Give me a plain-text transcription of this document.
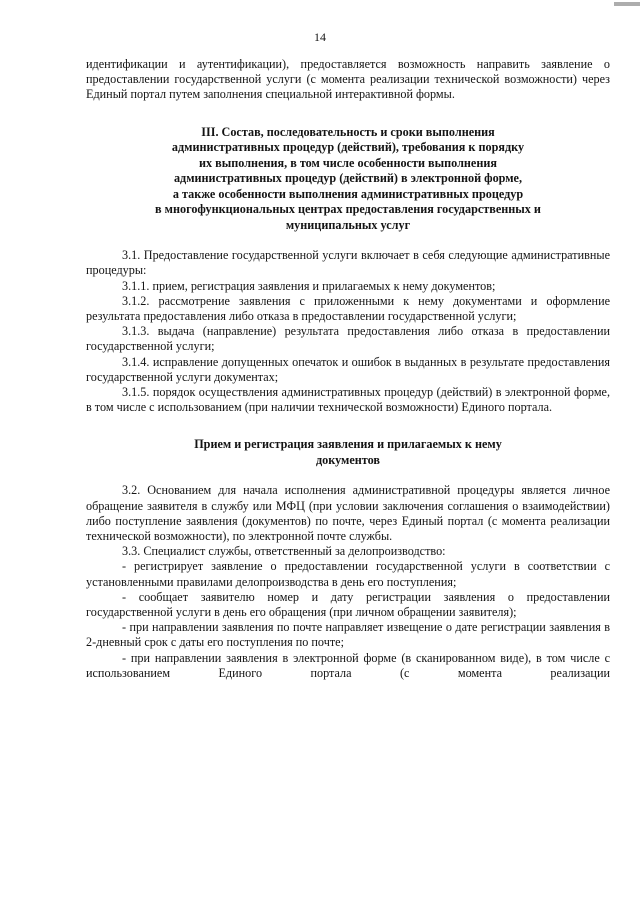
14

идентификации и аутентификации), предоставляется возможность направить заявление о предоставлении государственной услуги (с момента реализации технической возможности) через Единый портал путем заполнения специальной интерактивной формы.

III. Состав, последовательность и сроки выполнения
административных процедур (действий), требования к порядку
их выполнения, в том числе особенности выполнения
административных процедур (действий) в электронной форме,
а также особенности выполнения административных процедур
в многофункциональных центрах предоставления государственных и
муниципальных услуг

3.1. Предоставление государственной услуги включает в себя следующие административные процедуры:

3.1.1. прием, регистрация заявления и прилагаемых к нему документов;

3.1.2. рассмотрение заявления с приложенными к нему документами и оформление результата предоставления либо отказа в предоставлении государственной услуги;

3.1.3. выдача (направление) результата предоставления либо отказа в предоставлении государственной услуги;

3.1.4. исправление допущенных опечаток и ошибок в выданных в результате предоставления государственной услуги документах;

3.1.5. порядок осуществления административных процедур (действий) в электронной форме, в том числе с использованием (при наличии технической возможности) Единого портала.

Прием и регистрация заявления и прилагаемых к нему
документов

3.2. Основанием для начала исполнения административной процедуры является личное обращение заявителя в службу или МФЦ (при условии заключения соглашения о взаимодействии) либо поступление заявления (документов) по почте, через Единый портал (с момента реализации технической возможности), по электронной почте службы.

3.3. Специалист службы, ответственный за делопроизводство:

- регистрирует заявление о предоставлении государственной услуги в соответствии с установленными правилами делопроизводства в день его поступления;

- сообщает заявителю номер и дату регистрации заявления о предоставлении государственной услуги в день его обращения (при личном обращении заявителя);

- при направлении заявления по почте направляет извещение о дате регистрации заявления в 2-дневный срок с даты его поступления по почте;

- при направлении заявления в электронной форме (в сканированном виде), в том числе с использованием Единого портала (с момента реализации
